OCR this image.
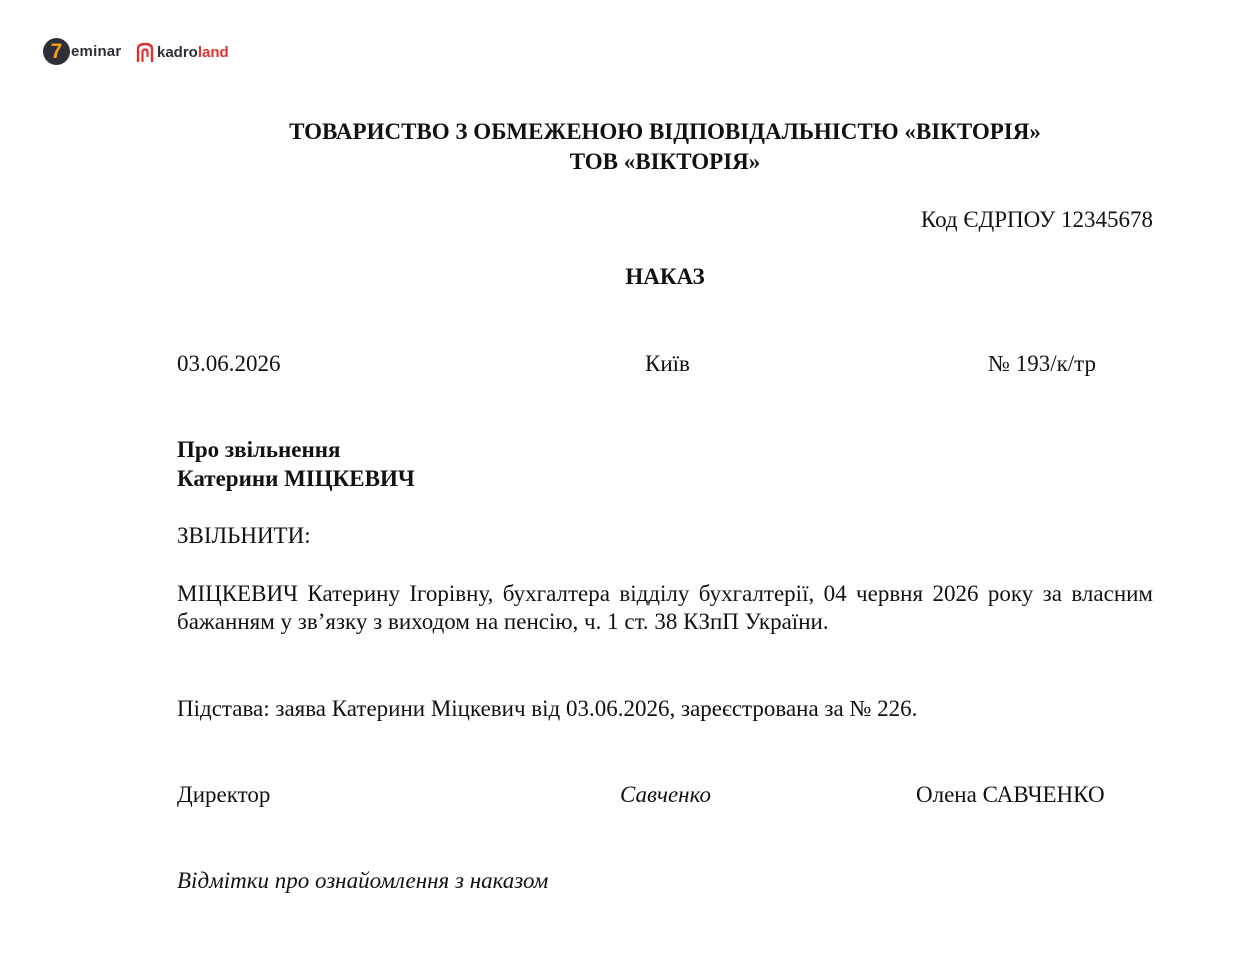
7 eminar kadroland
ТОВАРИСТВО З ОБМЕЖЕНОЮ ВІДПОВІДАЛЬНІСТЮ «ВІКТОРІЯ»
ТОВ «ВІКТОРІЯ»
Код ЄДРПОУ 12345678
НАКАЗ
03.06.2026	Київ	№ 193/к/тр
Про звільнення
Катерини МІЦКЕВИЧ
ЗВІЛЬНИТИ:
МІЦКЕВИЧ Катерину Ігорівну, бухгалтера відділу бухгалтерії, 04 червня 2026 року за власним бажанням у зв’язку з виходом на пенсію, ч. 1 ст. 38 КЗпП України.
Підстава: заява Катерини Міцкевич від 03.06.2026, зареєстрована за № 226.
Директор	Савченко	Олена САВЧЕНКО
Відмітки про ознайомлення з наказом
